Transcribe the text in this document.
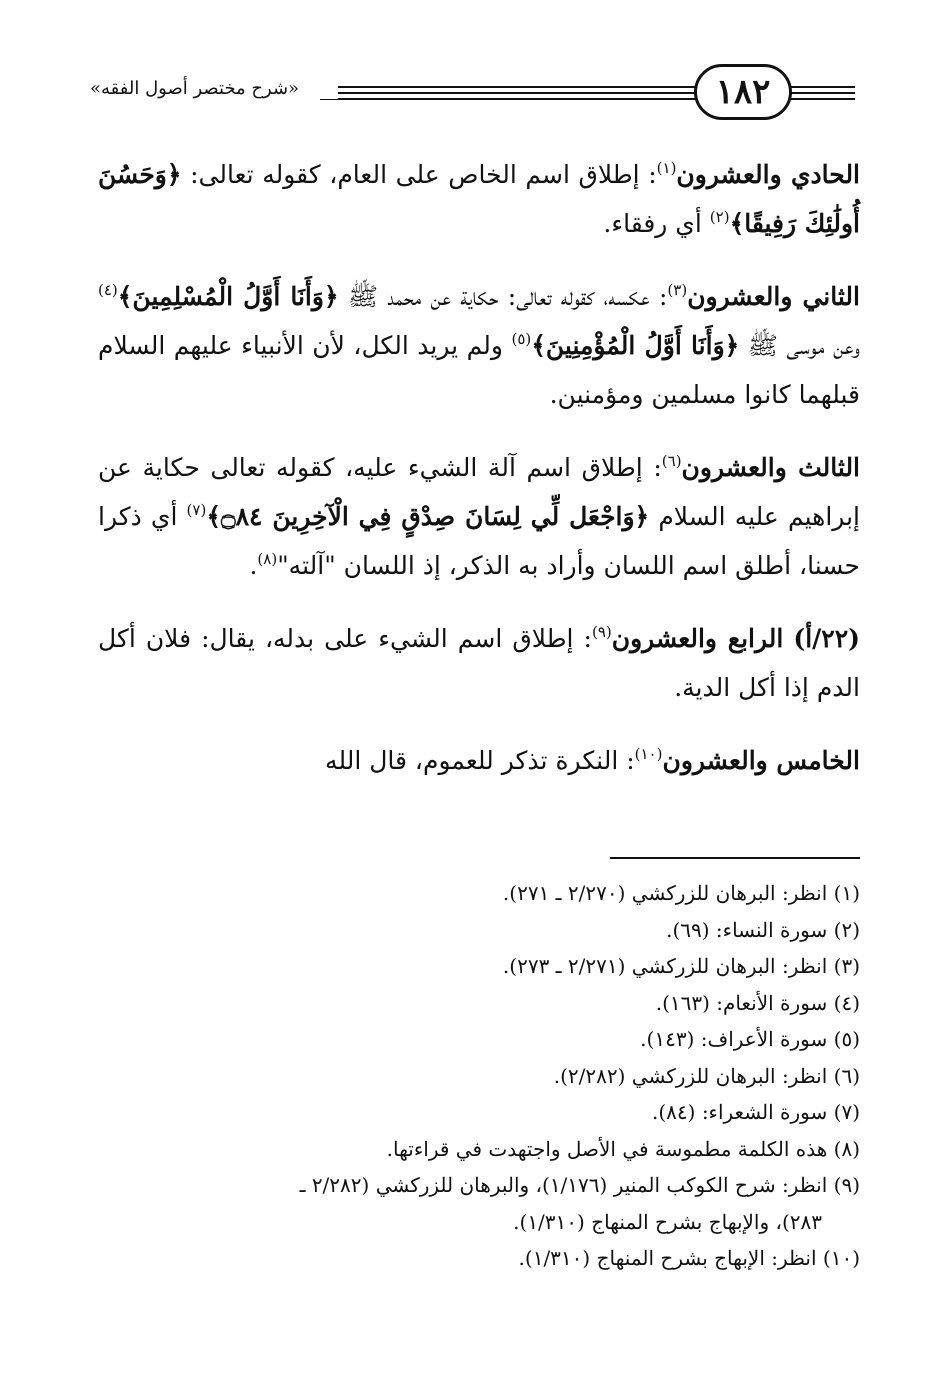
«شرح مختصر أصول الفقه»	١٨٢

الحادي والعشرون$^{(١)}$: إطلاق اسم الخاص على العام، كقوله تعالى: ﴿وَحَسُنَ أُولَٰئِكَ رَفِيقًا﴾$^{(٢)}$ أي رفقاء.

الثاني والعشرون$^{(٣)}$: عكسه، كقوله تعالى: حكاية عن محمد ﷺ ﴿وَأَنَا أَوَّلُ الْمُسْلِمِينَ﴾$^{(٤)}$ وعن موسى ﷺ ﴿وَأَنَا أَوَّلُ الْمُؤْمِنِينَ﴾$^{(٥)}$ ولم يريد الكل، لأن الأنبياء عليهم السلام قبلهما كانوا مسلمين ومؤمنين.

الثالث والعشرون$^{(٦)}$: إطلاق اسم آلة الشيء عليه، كقوله تعالى حكاية عن إبراهيم عليه السلام ﴿وَاجْعَل لِّي لِسَانَ صِدْقٍ فِي الْآخِرِينَ ۝٨٤﴾$^{(٧)}$ أي ذكرا حسنا، أطلق اسم اللسان وأراد به الذكر، إذ اللسان "آلته"$^{(٨)}$.

(٢٢/أ) الرابع والعشرون$^{(٩)}$: إطلاق اسم الشيء على بدله، يقال: فلان أكل الدم إذا أكل الدية.

الخامس والعشرون$^{(١٠)}$: النكرة تذكر للعموم، قال الله

(١) انظر: البرهان للزركشي (٢/٢٧٠ ـ ٢٧١).

(٢) سورة النساء: (٦٩).

(٣) انظر: البرهان للزركشي (٢/٢٧١ ـ ٢٧٣).

(٤) سورة الأنعام: (١٦٣).

(٥) سورة الأعراف: (١٤٣).

(٦) انظر: البرهان للزركشي (٢/٢٨٢).

(٧) سورة الشعراء: (٨٤).

(٨) هذه الكلمة مطموسة في الأصل واجتهدت في قراءتها.

(٩) انظر: شرح الكوكب المنير (١/١٧٦)، والبرهان للزركشي (٢/٢٨٢ ـ

٢٨٣)، والإبهاج بشرح المنهاج (١/٣١٠).

(١٠) انظر: الإبهاج بشرح المنهاج (١/٣١٠).
